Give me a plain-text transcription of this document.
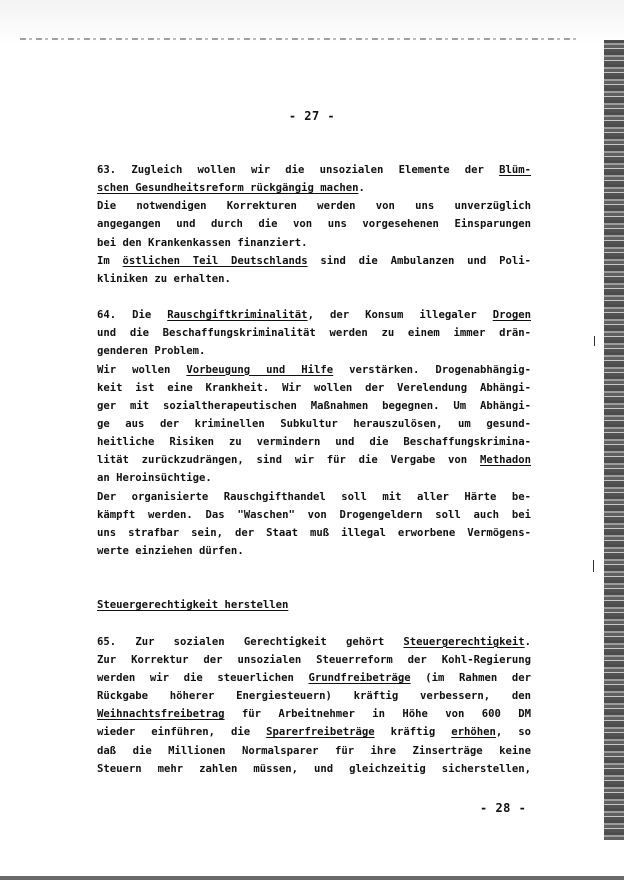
- 27 -
63. Zugleich wollen wir die unsozialen Elemente der Blüm-
schen Gesundheitsreform rückgängig machen.
Die notwendigen Korrekturen werden von uns unverzüglich
angegangen und durch die von uns vorgesehenen Einsparungen
bei den Krankenkassen finanziert.
Im östlichen Teil Deutschlands sind die Ambulanzen und Poli-
kliniken zu erhalten.
64. Die Rauschgiftkriminalität, der Konsum illegaler Drogen
und die Beschaffungskriminalität werden zu einem immer drän-
genderen Problem.
Wir wollen Vorbeugung und Hilfe verstärken. Drogenabhängig-
keit ist eine Krankheit. Wir wollen der Verelendung Abhängi-
ger mit sozialtherapeutischen Maßnahmen begegnen. Um Abhängi-
ge aus der kriminellen Subkultur herauszulösen, um gesund-
heitliche Risiken zu vermindern und die Beschaffungskrimina-
lität zurückzudrängen, sind wir für die Vergabe von Methadon
an Heroinsüchtige.
Der organisierte Rauschgifthandel soll mit aller Härte be-
kämpft werden. Das "Waschen" von Drogengeldern soll auch bei
uns strafbar sein, der Staat muß illegal erworbene Vermögens-
werte einziehen dürfen.
Steuergerechtigkeit herstellen
65. Zur sozialen Gerechtigkeit gehört Steuergerechtigkeit.
Zur Korrektur der unsozialen Steuerreform der Kohl-Regierung
werden wir die steuerlichen Grundfreibeträge (im Rahmen der
Rückgabe höherer Energiesteuern) kräftig verbessern, den
Weihnachtsfreibetrag für Arbeitnehmer in Höhe von 600 DM
wieder einführen, die Sparerfreibeträge kräftig erhöhen, so
daß die Millionen Normalsparer für ihre Zinserträge keine
Steuern mehr zahlen müssen, und gleichzeitig sicherstellen,
- 28 -
